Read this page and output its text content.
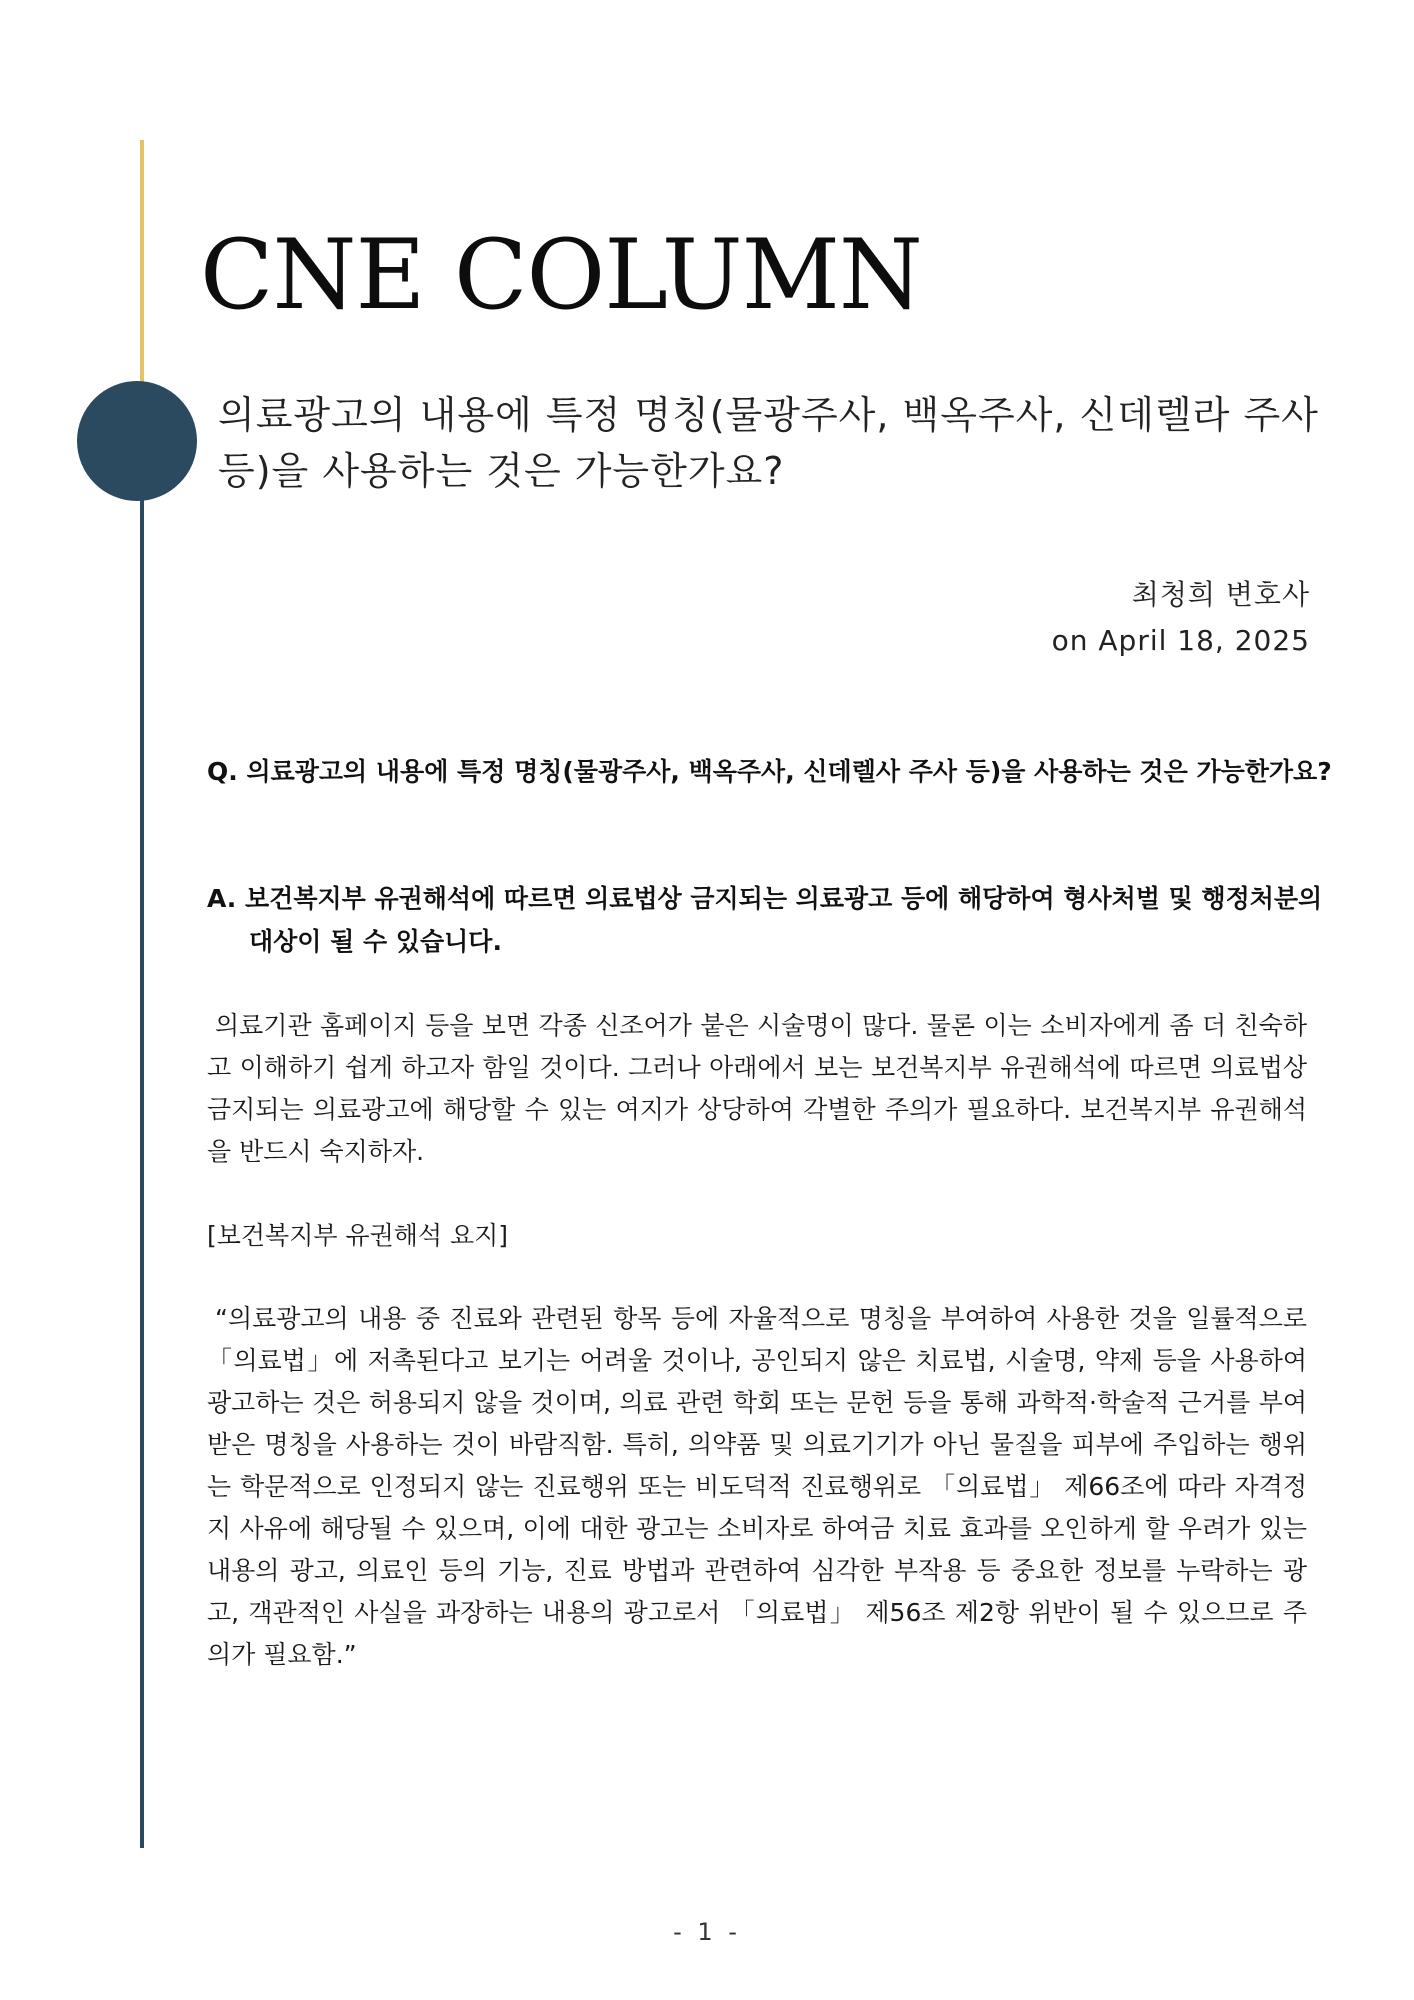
CNE COLUMN
의료광고의 내용에 특정 명칭(물광주사, 백옥주사, 신데렐라 주사 등)을 사용하는 것은 가능한가요?
최청희 변호사
on April 18, 2025
Q. 의료광고의 내용에 특정 명칭(물광주사, 백옥주사, 신데렐사 주사 등)을 사용하는 것은 가능한가요?
A. 보건복지부 유권해석에 따르면 의료법상 금지되는 의료광고 등에 해당하여 형사처벌 및 행정처분의 대상이 될 수 있습니다.
의료기관 홈페이지 등을 보면 각종 신조어가 붙은 시술명이 많다. 물론 이는 소비자에게 좀 더 친숙하고 이해하기 쉽게 하고자 함일 것이다. 그러나 아래에서 보는 보건복지부 유권해석에 따르면 의료법상 금지되는 의료광고에 해당할 수 있는 여지가 상당하여 각별한 주의가 필요하다. 보건복지부 유권해석을 반드시 숙지하자.
[보건복지부 유권해석 요지]
“의료광고의 내용 중 진료와 관련된 항목 등에 자율적으로 명칭을 부여하여 사용한 것을 일률적으로 「의료법」에 저촉된다고 보기는 어려울 것이나, 공인되지 않은 치료법, 시술명, 약제 등을 사용하여 광고하는 것은 허용되지 않을 것이며, 의료 관련 학회 또는 문헌 등을 통해 과학적·학술적 근거를 부여받은 명칭을 사용하는 것이 바람직함. 특히, 의약품 및 의료기기가 아닌 물질을 피부에 주입하는 행위는 학문적으로 인정되지 않는 진료행위 또는 비도덕적 진료행위로 「의료법」 제66조에 따라 자격정지 사유에 해당될 수 있으며, 이에 대한 광고는 소비자로 하여금 치료 효과를 오인하게 할 우려가 있는 내용의 광고, 의료인 등의 기능, 진료 방법과 관련하여 심각한 부작용 등 중요한 정보를 누락하는 광고, 객관적인 사실을 과장하는 내용의 광고로서 「의료법」 제56조 제2항 위반이 될 수 있으므로 주의가 필요함.”
- 1 -
